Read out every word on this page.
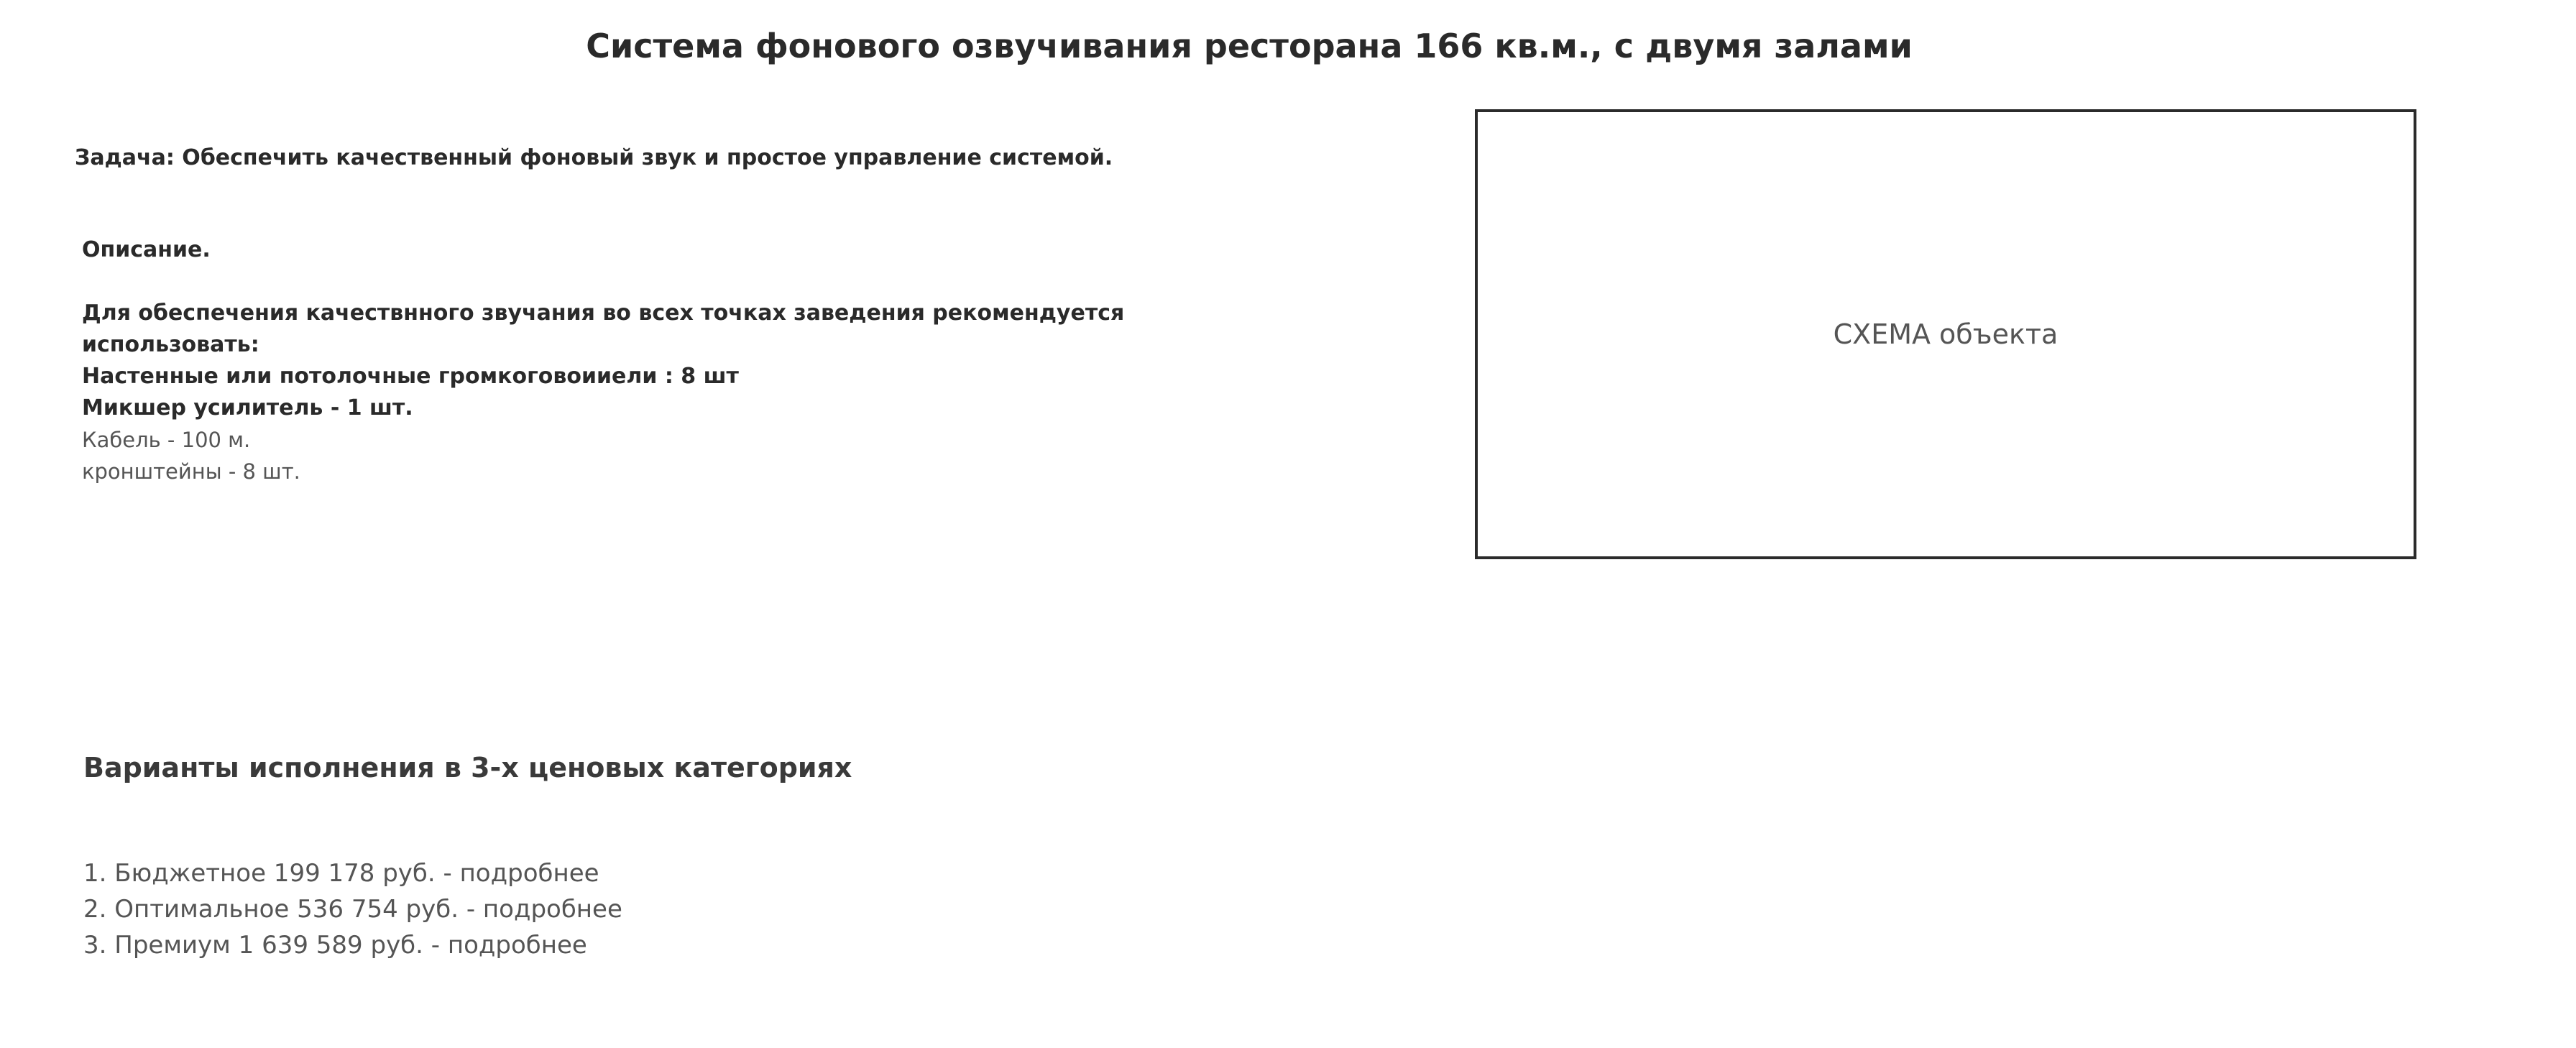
Система фонового озвучивания ресторана 166 кв.м., с двумя залами
Задача: Обеспечить качественный фоновый звук и простое управление системой.
Описание.
Для обеспечения качествнного звучания во всех точках заведения рекомендуется
использовать:
Настенные или потолочные громкоговоииели : 8 шт
Микшер усилитель - 1 шт.
Кабель - 100 м.
кронштейны - 8 шт.
СХЕМА объекта
Варианты исполнения в 3-х ценовых категориях
1. Бюджетное 199 178 руб. - подробнее
2. Оптимальное 536 754 руб. - подробнее
3. Премиум 1 639 589 руб. - подробнее
